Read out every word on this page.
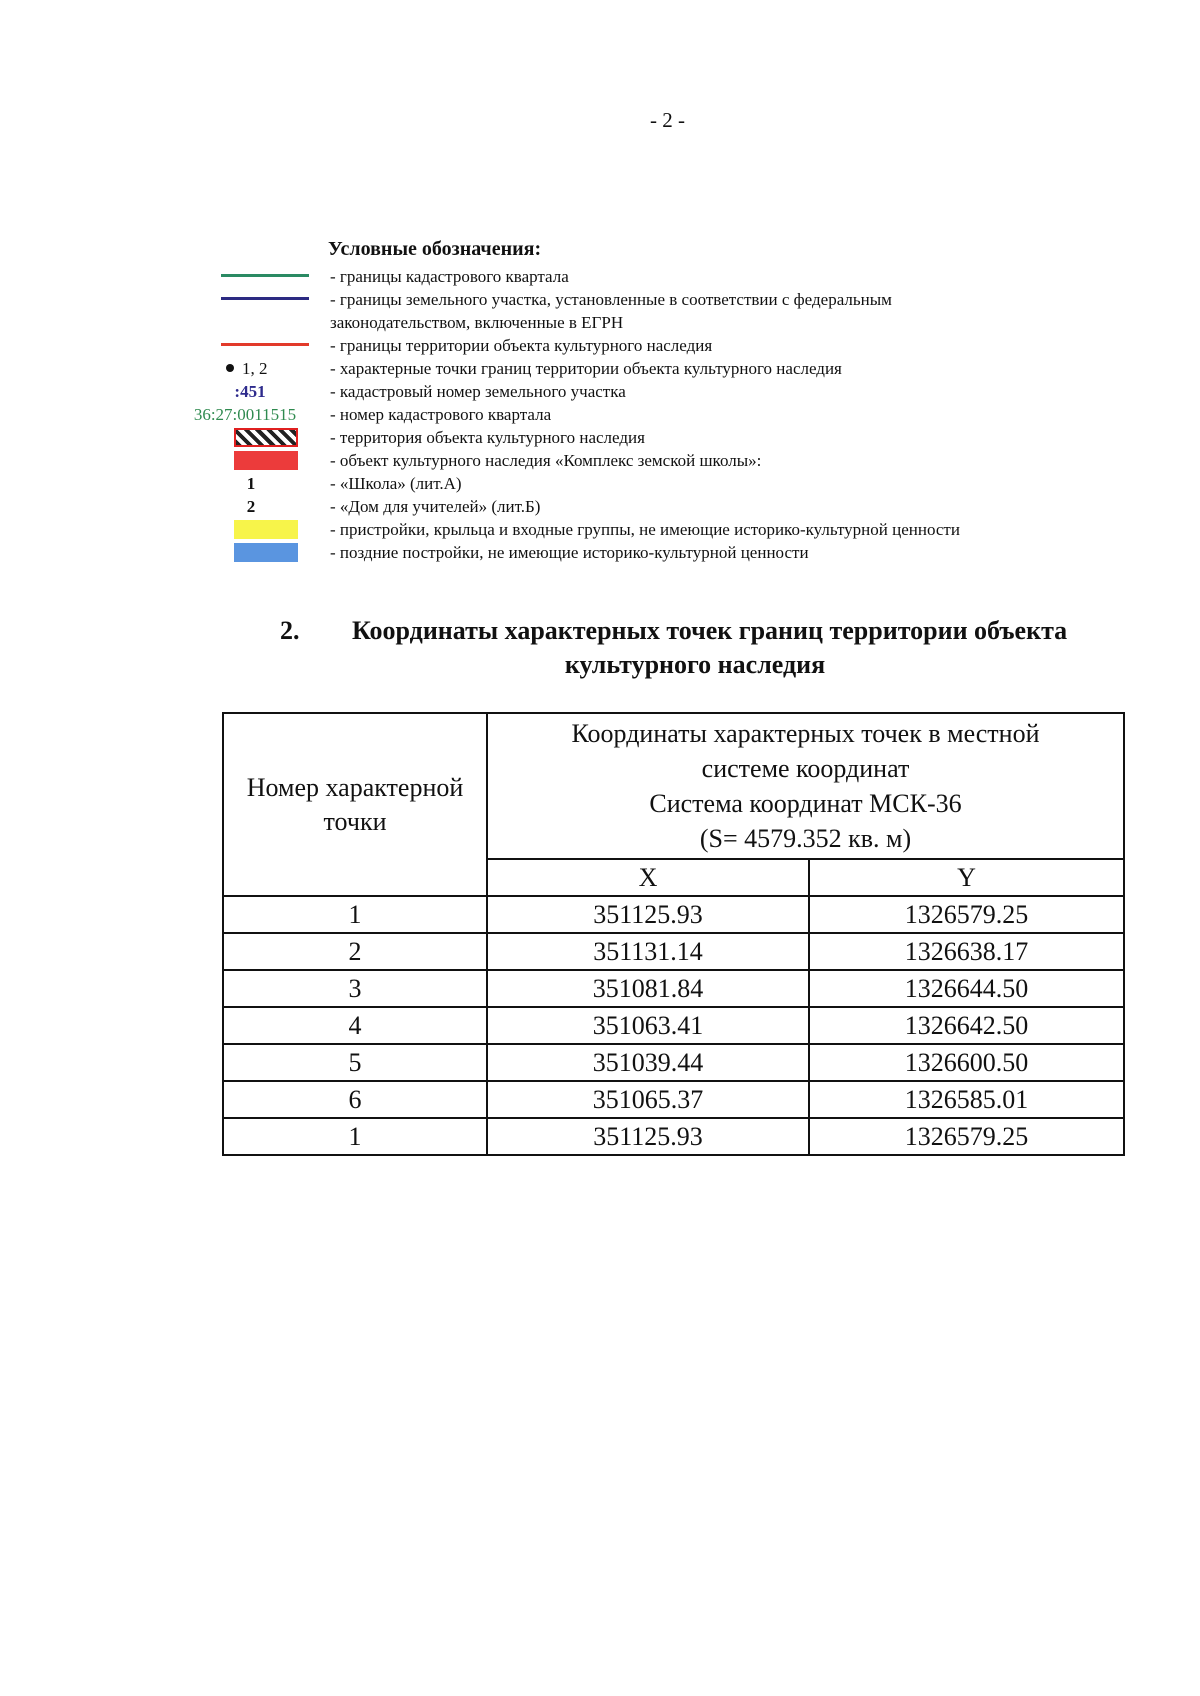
- 2 -
Условные обозначения:
- границы кадастрового квартала
- границы земельного участка, установленные в соответствии с федеральным
законодательством, включенные в ЕГРН
- границы территории объекта культурного наследия
1, 2	- характерные точки границ территории объекта культурного наследия
:451	- кадастровый номер земельного участка
36:27:0011515	- номер кадастрового квартала
- территория объекта культурного наследия
- объект культурного наследия «Комплекс земской школы»:
1	- «Школа» (лит.А)
2	- «Дом для учителей» (лит.Б)
- пристройки, крыльца и входные группы, не имеющие историко-культурной ценности
- поздние постройки, не имеющие историко-культурной ценности
2. Координаты характерных точек границ территории объекта
культурного наследия
Номер характерной точки	Координаты характерных точек в местной
системе координат
Система координат МСК-36
(S= 4579.352 кв. м)	

	X	Y
1	351125.93	1326579.25
2	351131.14	1326638.17
3	351081.84	1326644.50
4	351063.41	1326642.50
5	351039.44	1326600.50
6	351065.37	1326585.01
1	351125.93	1326579.25
